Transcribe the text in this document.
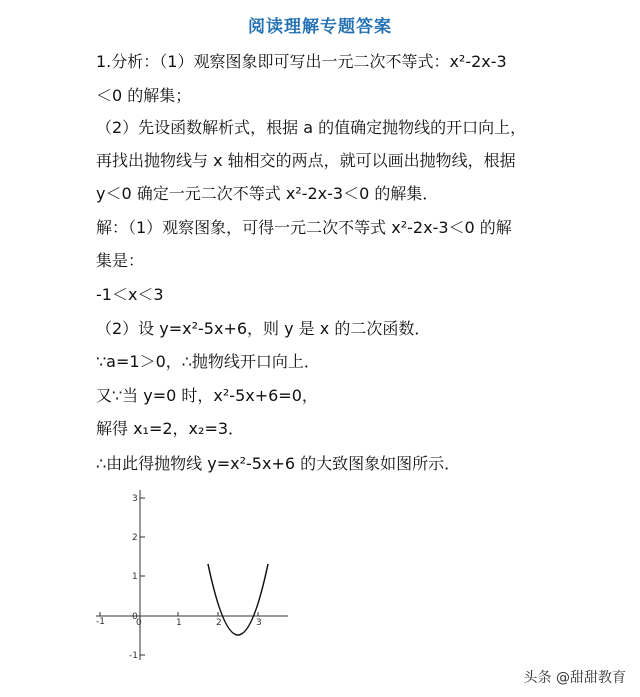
阅读理解专题答案
1.分析：（1）观察图象即可写出一元二次不等式：x²-2x-3
＜0 的解集；
（2）先设函数解析式，根据 a 的值确定抛物线的开口向上，
再找出抛物线与 x 轴相交的两点，就可以画出抛物线，根据
y＜0 确定一元二次不等式 x²-2x-3＜0 的解集．
解：（1）观察图象，可得一元二次不等式 x²-2x-3＜0 的解
集是：
-1＜x＜3
（2）设 y=x²-5x+6，则 y 是 x 的二次函数．
∵a=1＞0，∴抛物线开口向上．
又∵当 y=0 时，x²-5x+6=0，
解得 x₁=2，x₂=3．
∴由此得抛物线 y=x²-5x+6 的大致图象如图所示．
-1	0	1	2	3
3
2
1
0
-1
头条 @甜甜教育
